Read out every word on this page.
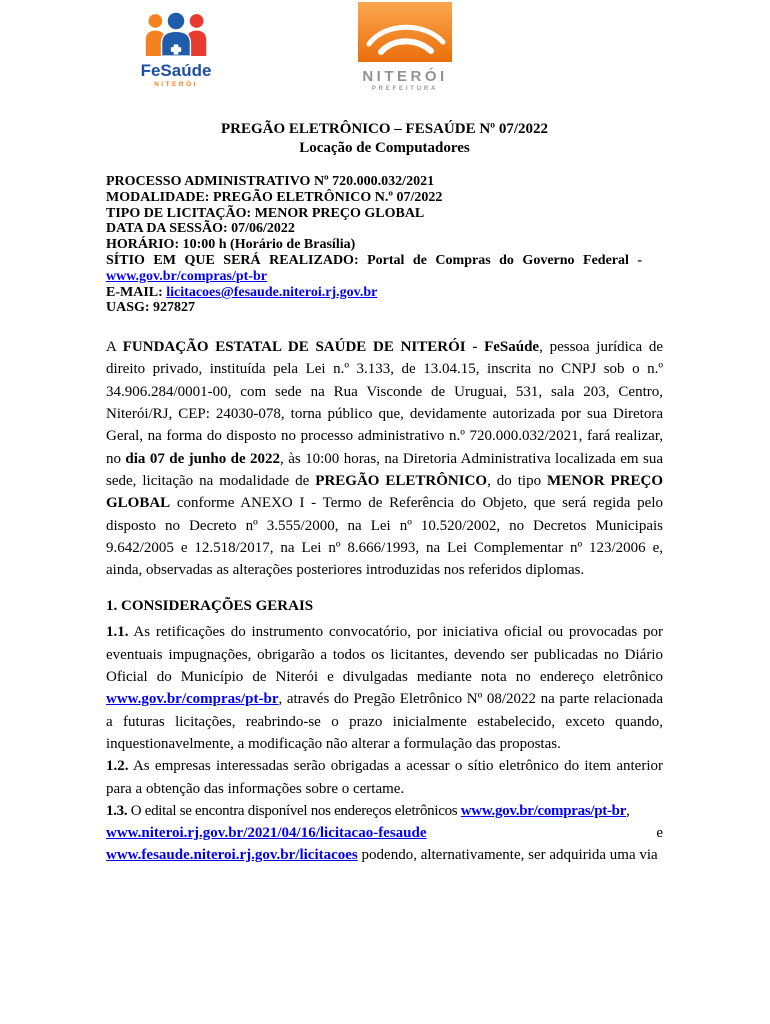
FeSaúde
NITERÓI	NITERÓI
PREFEITURA
PREGÃO ELETRÔNICO – FESAÚDE Nº 07/2022
Locação de Computadores
PROCESSO ADMINISTRATIVO Nº 720.000.032/2021
MODALIDADE: PREGÃO ELETRÔNICO N.º 07/2022
TIPO DE LICITAÇÃO: MENOR PREÇO GLOBAL
DATA DA SESSÃO: 07/06/2022
HORÁRIO: 10:00 h (Horário de Brasília)
SÍTIO EM QUE SERÁ REALIZADO: Portal de Compras do Governo Federal -
www.gov.br/compras/pt-br
E-MAIL: licitacoes@fesaude.niteroi.rj.gov.br
UASG: 927827

A FUNDAÇÃO ESTATAL DE SAÚDE DE NITERÓI - FeSaúde, pessoa jurídica de direito privado, instituída pela Lei n.º 3.133, de 13.04.15, inscrita no CNPJ sob o n.º 34.906.284/0001-00, com sede na Rua Visconde de Uruguai, 531, sala 203, Centro, Niterói/RJ, CEP: 24030-078, torna público que, devidamente autorizada por sua Diretora Geral, na forma do disposto no processo administrativo n.º 720.000.032/2021, fará realizar, no dia 07 de junho de 2022, às 10:00 horas, na Diretoria Administrativa localizada em sua sede, licitação na modalidade de PREGÃO ELETRÔNICO, do tipo MENOR PREÇO GLOBAL conforme ANEXO I - Termo de Referência do Objeto, que será regida pelo disposto no Decreto nº 3.555/2000, na Lei nº 10.520/2002, no Decretos Municipais 9.642/2005 e 12.518/2017, na Lei nº 8.666/1993, na Lei Complementar nº 123/2006 e, ainda, observadas as alterações posteriores introduzidas nos referidos diplomas.

1. CONSIDERAÇÕES GERAIS

1.1. As retificações do instrumento convocatório, por iniciativa oficial ou provocadas por eventuais impugnações, obrigarão a todos os licitantes, devendo ser publicadas no Diário Oficial do Município de Niterói e divulgadas mediante nota no endereço eletrônico www.gov.br/compras/pt-br, através do Pregão Eletrônico Nº 08/2022 na parte relacionada a futuras licitações, reabrindo-se o prazo inicialmente estabelecido, exceto quando, inquestionavelmente, a modificação não alterar a formulação das propostas.

1.2. As empresas interessadas serão obrigadas a acessar o sítio eletrônico do item anterior para a obtenção das informações sobre o certame.

1.3. O edital se encontra disponível nos endereços eletrônicos www.gov.br/compras/pt-br,
www.niteroi.rj.gov.br/2021/04/16/licitacao-fesaude	e
www.fesaude.niteroi.rj.gov.br/licitacoes podendo, alternativamente, ser adquirida uma via
